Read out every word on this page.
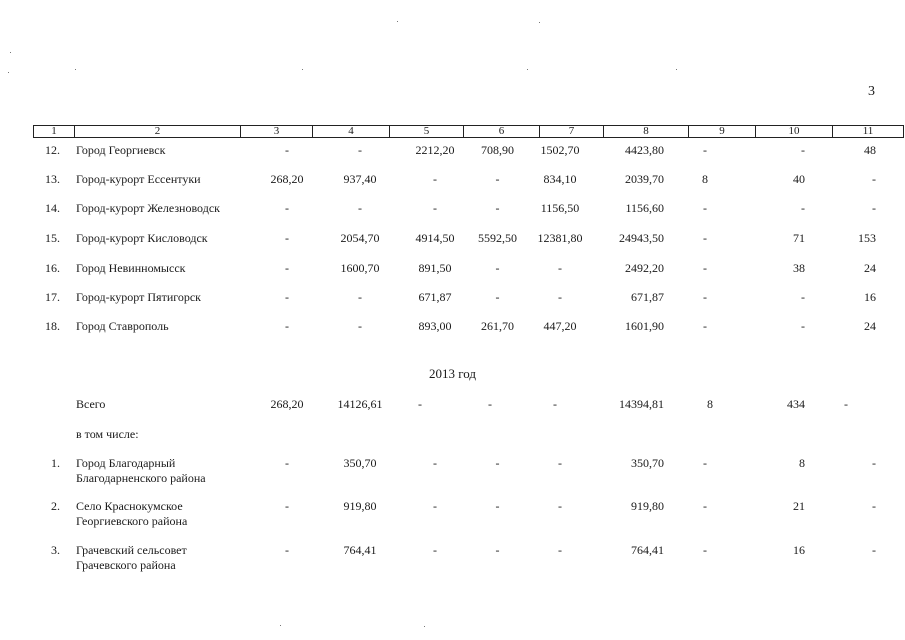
3
1	2	3	4	5	6	7	8	9	10	11
12. Город Георгиевск	-	-	2212,20	708,90	1502,70	4423,80	-	-	48
13. Город-курорт Ессентуки	268,20	937,40	-	-	834,10	2039,70	8	40	-
14. Город-курорт Железноводск	-	-	-	-	1156,50	1156,60	-	-	-
15. Город-курорт Кисловодск	-	2054,70	4914,50	5592,50	12381,80	24943,50	-	71	153
16. Город Невинномысск	-	1600,70	891,50	-	-	2492,20	-	38	24
17. Город-курорт Пятигорск	-	-	671,87	-	-	671,87	-	-	16
18. Город Ставрополь	-	-	893,00	261,70	447,20	1601,90	-	-	24
2013 год
Всего	268,20	14126,61	-	-	-	14394,81	8	434	-
в том числе:
1. Город Благодарный
Благодарненского района
-	350,70	-	-	-	350,70	-	8	-
2. Село Краснокумское
Георгиевского района
-	919,80	-	-	-	919,80	-	21	-
3. Грачевский сельсовет
Грачевского района
-	764,41	-	-	-	764,41	-	16	-
